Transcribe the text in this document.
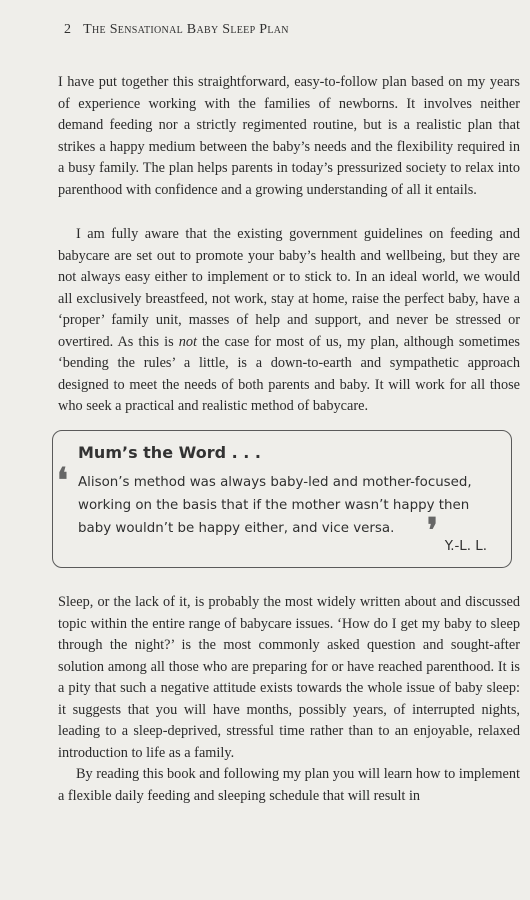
2 The Sensational Baby Sleep Plan

I have put together this straightforward, easy-to-follow plan based on my years of experience working with the families of newborns. It involves neither demand feeding nor a strictly regimented routine, but is a realistic plan that strikes a happy medium between the baby’s needs and the flexibility required in a busy family. The plan helps parents in today’s pressurized society to relax into parenthood with confidence and a growing understanding of all it entails.

I am fully aware that the existing government guidelines on feeding and babycare are set out to promote your baby’s health and wellbeing, but they are not always easy either to implement or to stick to. In an ideal world, we would all exclusively breastfeed, not work, stay at home, raise the perfect baby, have a ‘proper’ family unit, masses of help and support, and never be stressed or overtired. As this is not the case for most of us, my plan, although sometimes ‘bending the rules’ a little, is a down-to-earth and sympathetic approach designed to meet the needs of both parents and baby. It will work for all those who seek a practical and realistic method of babycare.

Mum’s the Word . . .
❛ Alison’s method was always baby-led and mother-focused, working on the basis that if the mother wasn’t happy then baby wouldn’t be happy either, and vice versa. ❜ Y.-L. L.

Sleep, or the lack of it, is probably the most widely written about and discussed topic within the entire range of babycare issues. ‘How do I get my baby to sleep through the night?’ is the most commonly asked question and sought-after solution among all those who are preparing for or have reached parenthood. It is a pity that such a negative attitude exists towards the whole issue of baby sleep: it suggests that you will have months, possibly years, of interrupted nights, leading to a sleep-deprived, stressful time rather than to an enjoyable, relaxed introduction to life as a family.

By reading this book and following my plan you will learn how to implement a flexible daily feeding and sleeping schedule that will result in
